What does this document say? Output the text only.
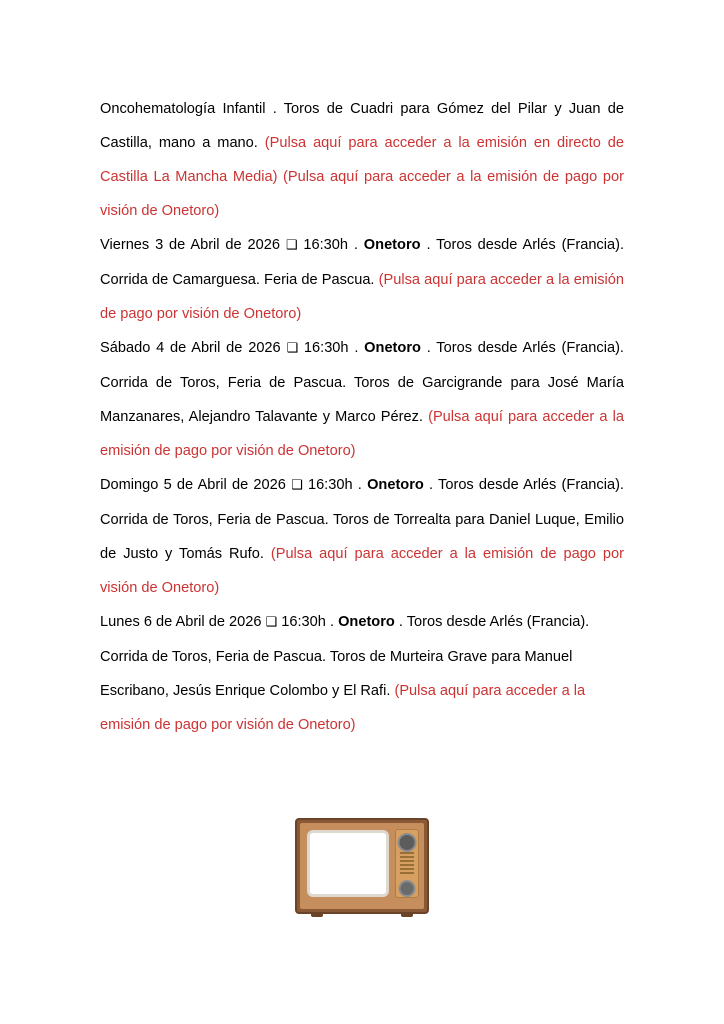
Oncohematología Infantil . Toros de Cuadri para Gómez del Pilar y Juan de Castilla, mano a mano. (Pulsa aquí para acceder a la emisión en directo de Castilla La Mancha Media) (Pulsa aquí para acceder a la emisión de pago por visión de Onetoro)

Viernes 3 de Abril de 2026 ❑ 16:30h . Onetoro . Toros desde Arlés (Francia). Corrida de Camarguesa. Feria de Pascua. (Pulsa aquí para acceder a la emisión de pago por visión de Onetoro)

Sábado 4 de Abril de 2026 ❑ 16:30h . Onetoro . Toros desde Arlés (Francia). Corrida de Toros, Feria de Pascua. Toros de Garcigrande para José María Manzanares, Alejandro Talavante y Marco Pérez. (Pulsa aquí para acceder a la emisión de pago por visión de Onetoro)

Domingo 5 de Abril de 2026 ❑ 16:30h . Onetoro . Toros desde Arlés (Francia). Corrida de Toros, Feria de Pascua. Toros de Torrealta para Daniel Luque, Emilio de Justo y Tomás Rufo. (Pulsa aquí para acceder a la emisión de pago por visión de Onetoro)

Lunes 6 de Abril de 2026 ❑ 16:30h . Onetoro . Toros desde Arlés (Francia). Corrida de Toros, Feria de Pascua. Toros de Murteira Grave para Manuel Escribano, Jesús Enrique Colombo y El Rafi. (Pulsa aquí para acceder a la emisión de pago por visión de Onetoro)
